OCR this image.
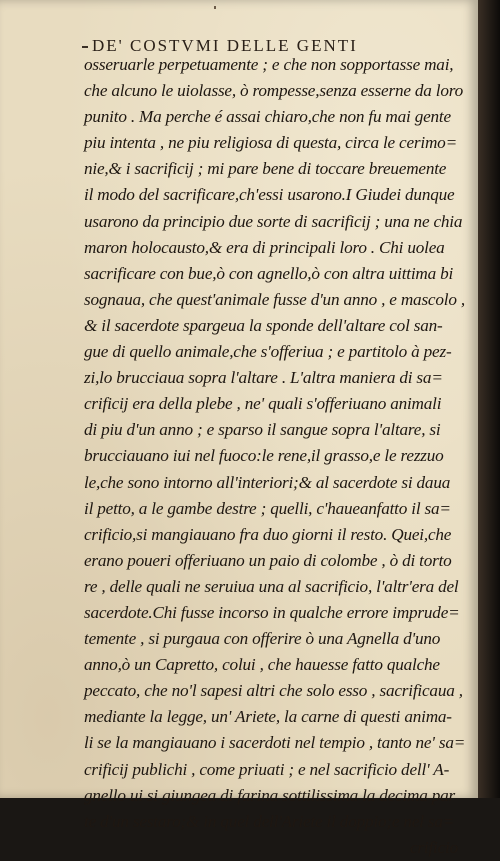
DE' COSTVMI DELLE GENTI
osseruarle perpetuamente ; e che non sopportasse mai,
che alcuno le uiolasse, ò rompesse,senza esserne da loro
punito . Ma perche é assai chiaro,che non fu mai gente
piu intenta , ne piu religiosa di questa, circa le cerimo=
nie,& i sacrificij ; mi pare bene di toccare breuemente
il modo del sacrificare,ch'essi usarono.I Giudei dunque
usarono da principio due sorte di sacrificij ; una ne chia
maron holocausto,& era di principali loro . Chi uolea
sacrificare con bue,ò con agnello,ò con altra uittima bi
sognaua, che quest'animale fusse d'un anno , e mascolo ,
& il sacerdote spargeua la sponde dell'altare col san-
gue di quello animale,che s'offeriua ; e partitolo à pez-
zi,lo brucciaua sopra l'altare . L'altra maniera di sa=
crificij era della plebe , ne' quali s'offeriuano animali
di piu d'un anno ; e sparso il sangue sopra l'altare, si
brucciauano iui nel fuoco:le rene,il grasso,e le rezzuo
le,che sono intorno all'interiori;& al sacerdote si daua
il petto, a le gambe destre ; quelli, c'haueanfatto il sa=
crificio,si mangiauano fra duo giorni il resto. Quei,che
erano poueri offeriuano un paio di colombe , ò di torto
re , delle quali ne seruiua una al sacrificio, l'altr'era del
sacerdote.Chi fusse incorso in qualche errore imprude=
temente , si purgaua con offerire ò una Agnella d'uno
anno,ò un Capretto, colui , che hauesse fatto qualche
peccato, che no'l sapesi altri che solo esso , sacrificaua ,
mediante la legge, un' Ariete, la carne di questi anima-
li se la mangiauano i sacerdoti nel tempio , tanto ne' sa=
crificij publichi , come priuati ; e nel sacrificio dell' A-
gnello ui si giungea di farina sottilissima la decima par
te d'un sestaro;& in quel dell'Ariete il doppio;e nel sa=
crificio
